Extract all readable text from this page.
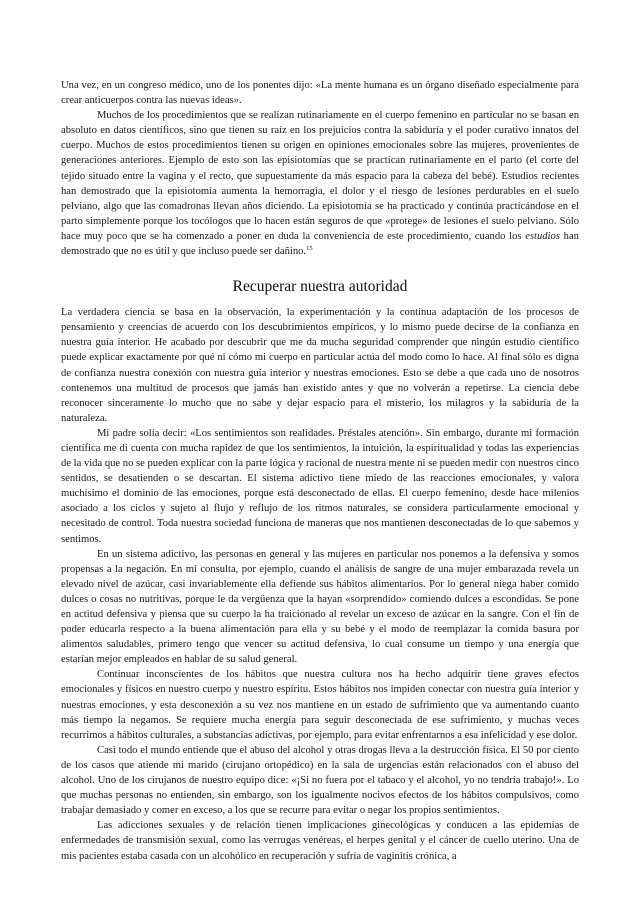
Una vez, en un congreso médico, uno de los ponentes dijo: «La mente humana es un órgano diseñado especialmente para crear anticuerpos contra las nuevas ideas».

Muchos de los procedimientos que se realizan rutinariamente en el cuerpo femenino en particular no se basan en absoluto en datos científicos, sino que tienen su raíz en los prejuicios contra la sabiduría y el poder curativo innatos del cuerpo. Muchos de estos procedimientos tienen su origen en opiniones emocionales sobre las mujeres, provenientes de generaciones anteriores. Ejemplo de esto son las episiotomías que se practican rutinariamente en el parto (el corte del tejido situado entre la vagina y el recto, que supuestamente da más espacio para la cabeza del bebé). Estudios recientes han demostrado que la episiotomía aumenta la hemorragia, el dolor y el riesgo de lesiones perdurables en el suelo pelviano, algo que las comadronas llevan años diciendo. La episiotomía se ha practicado y continúa practicándose en el parto simplemente porque los tocólogos que lo hacen están seguros de que «protege» de lesiones el suelo pelviano. Sólo hace muy poco que se ha comenzado a poner en duda la conveniencia de este procedimiento, cuando los estudios han demostrado que no es útil y que incluso puede ser dañino.$^{15}$

Recuperar nuestra autoridad

La verdadera ciencia se basa en la observación, la experimentación y la continua adaptación de los procesos de pensamiento y creencias de acuerdo con los descubrimientos empíricos, y lo mismo puede decirse de la confianza en nuestra guía interior. He acabado por descubrir que me da mucha seguridad comprender que ningún estudio científico puede explicar exactamente por qué ni cómo mi cuerpo en particular actúa del modo como lo hace. Al final sólo es digna de confianza nuestra conexión con nuestra guía interior y nuestras emociones. Esto se debe a que cada uno de nosotros contenemos una multitud de procesos que jamás han existido antes y que no volverán a repetirse. La ciencia debe reconocer sinceramente lo mucho que no sabe y dejar espacio para el misterio, los milagros y la sabiduría de la naturaleza.

Mi padre solía decir: «Los sentimientos son realidades. Préstales atención». Sin embargo, durante mi formación científica me di cuenta con mucha rapidez de que los sentimientos, la intuición, la espiritualidad y todas las experiencias de la vida que no se pueden explicar con la parte lógica y racional de nuestra mente ni se pueden medir con nuestros cinco sentidos, se desatienden o se descartan. El sistema adictivo tiene miedo de las reacciones emocionales, y valora muchísimo el dominio de las emociones, porque está desconectado de ellas. El cuerpo femenino, desde hace milenios asociado a los ciclos y sujeto al flujo y reflujo de los ritmos naturales, se considera particularmente emocional y necesitado de control. Toda nuestra sociedad funciona de maneras que nos mantienen desconectadas de lo que sabemos y sentimos.

En un sistema adictivo, las personas en general y las mujeres en particular nos ponemos a la defensiva y somos propensas a la negación. En mi consulta, por ejemplo, cuando el análisis de sangre de una mujer embarazada revela un elevado nivel de azúcar, casi invariablemente ella defiende sus hábitos alimentarios. Por lo general niega haber comido dulces o cosas no nutritivas, porque le da vergüenza que la hayan «sorprendido» comiendo dulces a escondidas. Se pone en actitud defensiva y piensa que su cuerpo la ha traicionado al revelar un exceso de azúcar en la sangre. Con el fin de poder educarla respecto a la buena alimentación para ella y su bebé y el modo de reemplazar la comida basura por alimentos saludables, primero tengo que vencer su actitud defensiva, lo cual consume un tiempo y una energía que estarían mejor empleados en hablar de su salud general.

Continuar inconscientes de los hábitos que nuestra cultura nos ha hecho adquirir tiene graves efectos emocionales y físicos en nuestro cuerpo y nuestro espíritu. Estos hábitos nos impiden conectar con nuestra guía interior y nuestras emociones, y esta desconexión a su vez nos mantiene en un estado de sufrimiento que va aumentando cuanto más tiempo la negamos. Se requiere mucha energía para seguir desconectada de ese sufrimiento, y muchas veces recurrimos a hábitos culturales, a substancias adictivas, por ejemplo, para evitar enfrentarnos a esa infelicidad y ese dolor.

Casi todo el mundo entiende que el abuso del alcohol y otras drogas lleva a la destrucción física. El 50 por ciento de los casos que atiende mi marido (cirujano ortopédico) en la sala de urgencias están relacionados con el abuso del alcohol. Uno de los cirujanos de nuestro equipo dice: «¡Si no fuera por el tabaco y el alcohol, yo no tendría trabajo!». Lo que muchas personas no entienden, sin embargo, son los igualmente nocivos efectos de los hábitos compulsivos, como trabajar demasiado y comer en exceso, a los que se recurre para evitar o negar los propios sentimientos.

Las adicciones sexuales y de relación tienen implicaciones ginecológicas y conducen a las epidemias de enfermedades de transmisión sexual, como las verrugas venéreas, el herpes genital y el cáncer de cuello uterino. Una de mis pacientes estaba casada con un alcohólico en recuperación y sufría de vaginitis crónica, a
